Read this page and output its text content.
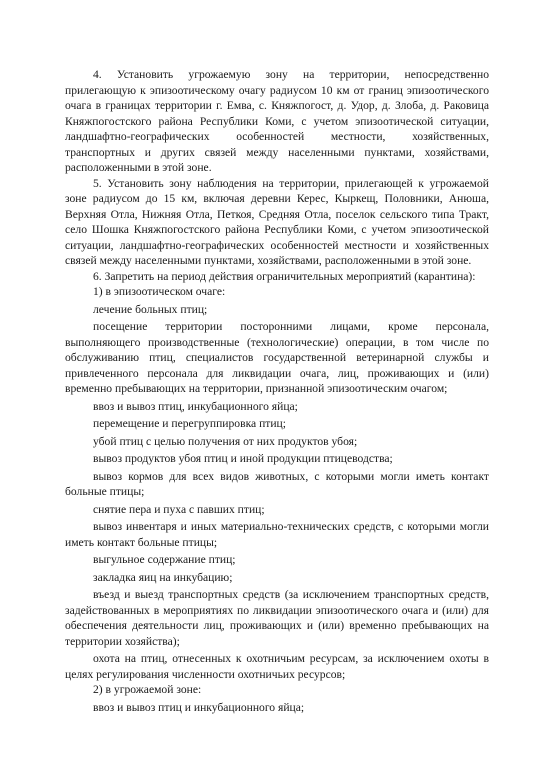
4. Установить угрожаемую зону на территории, непосредственно прилегающую к эпизоотическому очагу радиусом 10 км от границ эпизоотического очага в границах территории г. Емва, с. Княжпогост, д. Удор, д. Злоба, д. Раковица Княжпогостского района Республики Коми, с учетом эпизоотической ситуации, ландшафтно-географических особенностей местности, хозяйственных, транспортных и других связей между населенными пунктами, хозяйствами, расположенными в этой зоне.

5. Установить зону наблюдения на территории, прилегающей к угрожаемой зоне радиусом до 15 км, включая деревни Керес, Кыркещ, Половники, Анюша, Верхняя Отла, Нижняя Отла, Петкоя, Средняя Отла, поселок сельского типа Тракт, село Шошка Княжпогостского района Республики Коми, с учетом эпизоотической ситуации, ландшафтно-географических особенностей местности и хозяйственных связей между населенными пунктами, хозяйствами, расположенными в этой зоне.

6. Запретить на период действия ограничительных мероприятий (карантина):

1) в эпизоотическом очаге:

лечение больных птиц;

посещение территории посторонними лицами, кроме персонала, выполняющего производственные (технологические) операции, в том числе по обслуживанию птиц, специалистов государственной ветеринарной службы и привлеченного персонала для ликвидации очага, лиц, проживающих и (или) временно пребывающих на территории, признанной эпизоотическим очагом;

ввоз и вывоз птиц, инкубационного яйца;

перемещение и перегруппировка птиц;

убой птиц с целью получения от них продуктов убоя;

вывоз продуктов убоя птиц и иной продукции птицеводства;

вывоз кормов для всех видов животных, с которыми могли иметь контакт больные птицы;

снятие пера и пуха с павших птиц;

вывоз инвентаря и иных материально-технических средств, с которыми могли иметь контакт больные птицы;

выгульное содержание птиц;

закладка яиц на инкубацию;

въезд и выезд транспортных средств (за исключением транспортных средств, задействованных в мероприятиях по ликвидации эпизоотического очага и (или) для обеспечения деятельности лиц, проживающих и (или) временно пребывающих на территории хозяйства);

охота на птиц, отнесенных к охотничьим ресурсам, за исключением охоты в целях регулирования численности охотничьих ресурсов;

2) в угрожаемой зоне:

ввоз и вывоз птиц и инкубационного яйца;
